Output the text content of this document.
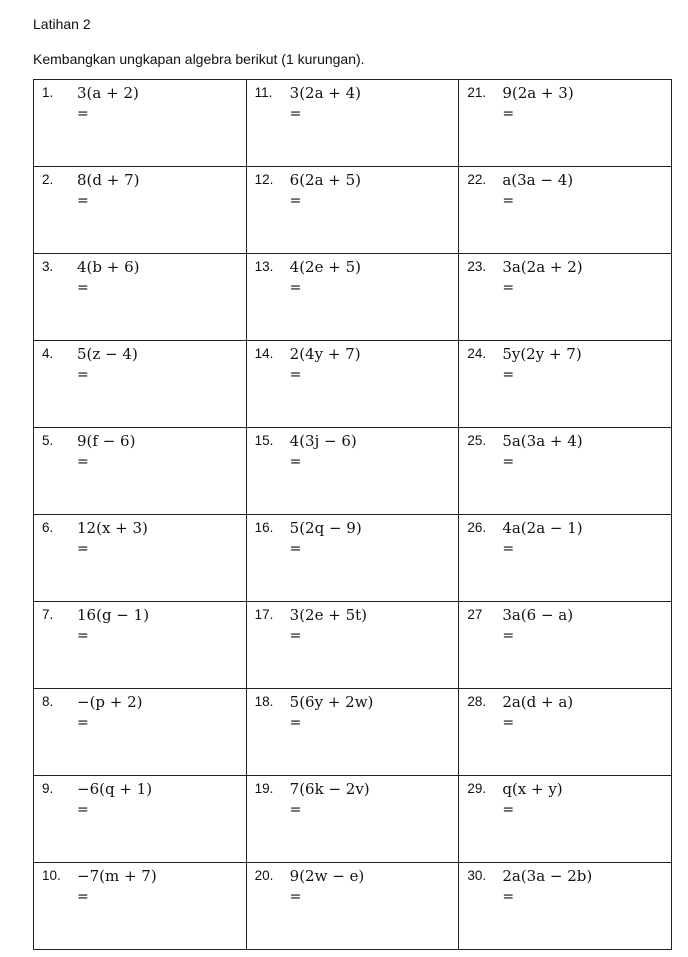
Latihan 2
Kembangkan ungkapan algebra berikut (1 kurungan).
1. 3(a + 2)
=	11. 3(2a + 4)
=	21. 9(2a + 3)
=

2. 8(d + 7)
=	12. 6(2a + 5)
=	22. a(3a − 4)
=

3. 4(b + 6)
=	13. 4(2e + 5)
=	23. 3a(2a + 2)
=

4. 5(z − 4)
=	14. 2(4y + 7)
=	24. 5y(2y + 7)
=

5. 9(f − 6)
=	15. 4(3j − 6)
=	25. 5a(3a + 4)
=

6. 12(x + 3)
=	16. 5(2q − 9)
=	26. 4a(2a − 1)
=

7. 16(g − 1)
=	17. 3(2e + 5t)
=	27 3a(6 − a)
=

8. −(p + 2)
=	18. 5(6y + 2w)
=	28. 2a(d + a)
=

9. −6(q + 1)
=	19. 7(6k − 2v)
=	29. q(x + y)
=

10. −7(m + 7)
=	20. 9(2w − e)
=	30. 2a(3a − 2b)
=
